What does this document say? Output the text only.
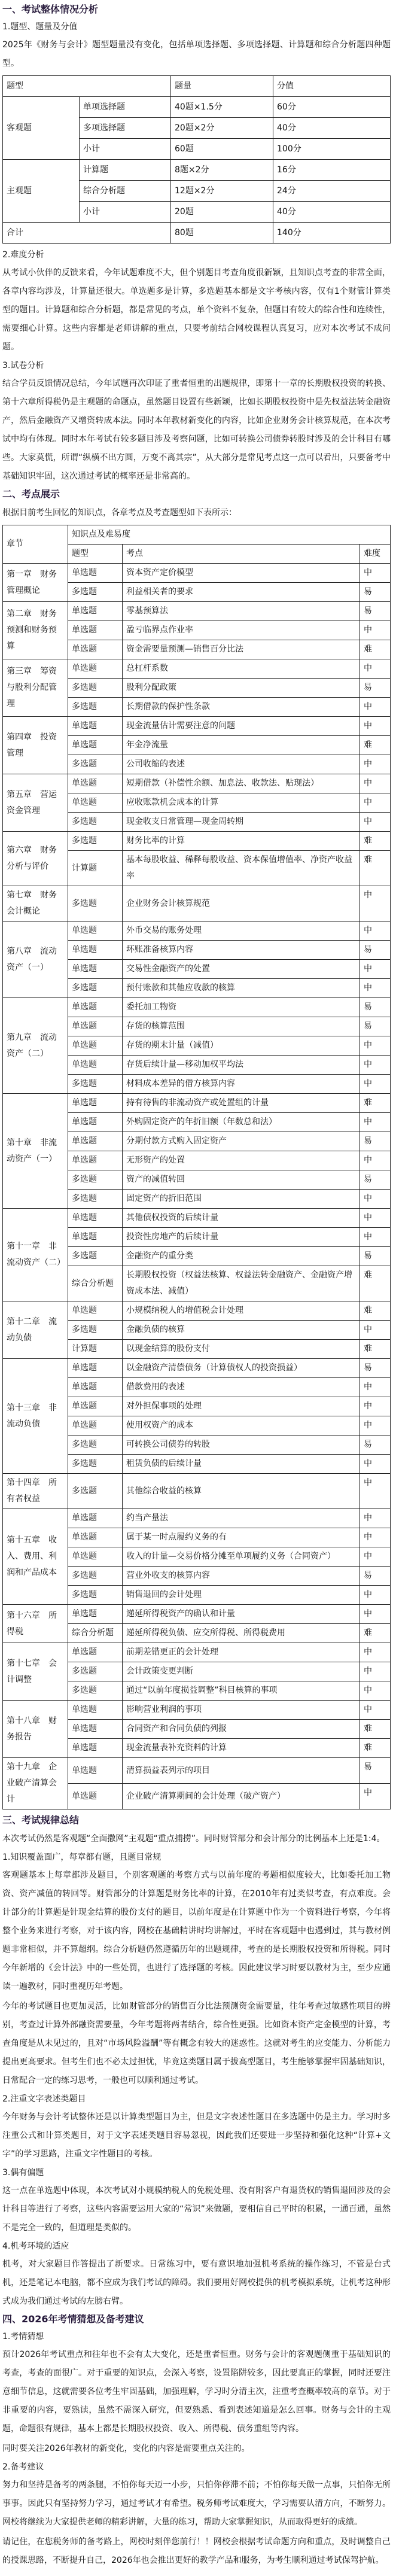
一、考试整体情况分析
1.题型、题量及分值

2025年《财务与会计》题型题量没有变化，包括单项选择题、多项选择题、计算题和综合分析题四种题型。

题型		题量	分值
客观题	单项选择题	40题×1.5分	60分
	多项选择题	20题×2分	40分
	小计	60题	100分
主观题	计算题	8题×2分	16分
	综合分析题	12题×2分	24分
	小计	20题	40分
合计		80题	140分
2.难度分析

从考试小伙伴的反馈来看，今年试题难度不大，但个别题目考查角度很新颖，且知识点考查的非常全面，各章内容均涉及，计算量还很大。单选题多是计算，多选题基本都是文字考核内容，仅有1个财管计算类型的题目。计算题和综合分析题，都是常见的考点，单个资料不复杂，但题目有较大的综合性和连续性，需要细心计算。这些内容都是老师讲解的重点，只要考前结合网校课程认真复习，应对本次考试不成问题。

3.试卷分析

结合学员反馈情况总结，今年试题再次印证了重者恒重的出题规律，即第十一章的长期股权投资的转换、第十六章所得税仍是主观题的命题点，虽然题目设置有些新颖，比如长期股权投资中是先权益法转金融资产，然后金融资产又增资转成本法。同时本年教材新变化的内容，比如企业财务会计核算规范，在本次考试中均有体现。同时本年考试有较多题目涉及考察问题，比如可转换公司债券转股时涉及的会计科目有哪些。大家莫慌，所谓“纵横不出方圆，万变不离其宗”，从大部分是常见考点这一点可以看出，只要备考中基础知识牢固，这次通过考试的概率还是非常高的。

二、考点展示

根据目前考生回忆的知识点，各章考点及考查题型如下表所示：

章节	知识点及难易度		
	题型	考点	难度
第一章　财务管理概论	单选题	资本资产定价模型	中
	多选题	利益相关者的要求	易
第二章　财务预测和财务预算	单选题	零基预算法	易
	单选题	盈亏临界点作业率	中
	单选题	资金需要量预测—销售百分比法	难
第三章　筹资与股利分配管理	单选题	总杠杆系数	中
	多选题	股利分配政策	易
	多选题	长期借款的保护性条款	中
第四章　投资管理	单选题	现金流量估计需要注意的问题	中
	单选题	年金净流量	难
	多选题	公司收缩的表述	中
第五章　营运资金管理	单选题	短期借款（补偿性余额、加息法、收款法、贴现法）	中
	单选题	应收账款机会成本的计算	中
	多选题	现金收支日常管理—现金周转期	中
第六章　财务分析与评价	多选题	财务比率的计算	难
	计算题	基本每股收益、稀释每股收益、资本保值增值率、净资产收益率	难
第七章　财务会计概论	多选题	企业财务会计核算规范	中
第八章　流动资产（一）	单选题	外币交易的账务处理	中
	单选题	坏账准备核算内容	易
	单选题	交易性金融资产的处置	中
	多选题	预付账款和其他应收款的核算	中
第九章　流动资产（二）	单选题	委托加工物资	易
	单选题	存货的核算范围	易
	单选题	存货的期末计量（减值）	中
	单选题	存货后续计量—移动加权平均法	中
	多选题	材料成本差异的借方核算内容	中
第十章　非流动资产（一）	单选题	持有待售的非流动资产或处置组的计量	难
	单选题	外购固定资产的年折旧额（年数总和法）	中
	单选题	分期付款方式购入固定资产	易
	单选题	无形资产的处置	中
	多选题	资产的减值转回	易
	多选题	固定资产的折旧范围	中
第十一章　非流动资产（二）	单选题	其他债权投资的后续计量	中
	单选题	投资性房地产的后续计量	中
	多选题	金融资产的重分类	易
	综合分析题	长期股权投资（权益法核算、权益法转金融资产、金融资产增资成本法、减值）	难
第十二章　流动负债	单选题	小规模纳税人的增值税会计处理	难
	多选题	金融负债的核算	中
	计算题	以现金结算的股份支付	难
第十三章　非流动负债	单选题	以金融资产清偿债务（计算债权人的投资损益）	易
	单选题	借款费用的表述	中
	单选题	对外担保事项的处理	中
	单选题	使用权资产的成本	中
	多选题	可转换公司债券的转股	易
	多选题	租赁负债的后续计量	中
第十四章　所有者权益	多选题	其他综合收益的核算	中
第十五章　收入、费用、利润和产品成本	单选题	约当产量法	中
	单选题	属于某一时点履约义务的有	中
	单选题	收入的计量—交易价格分摊至单项履约义务（合同资产）	中
	多选题	营业外收支的核算内容	易
	多选题	销售退回的会计处理	中
第十六章　所得税	单选题	递延所得税资产的确认和计量	中
	综合分析题	递延所得税负债、应交所得税、所得税费用	难
第十七章　会计调整	单选题	前期差错更正的会计处理	中
	多选题	会计政策变更判断	中
	多选题	通过“以前年度损益调整”科目核算的事项	中
第十八章　财务报告	单选题	影响营业利润的事项	中
	单选题	合同资产和合同负债的列报	难
	单选题	现金流量表补充资料的计算	难
第十九章　企业破产清算会计	单选题	清算损益表列示的项目	易
	单选题	企业破产清算期间的会计处理（破产资产）	中
三、考试规律总结

本次考试仍然是客观题“全面撒网”主观题“重点捕捞”。同时财管部分和会计部分的比例基本上还是1:4。

1.知识覆盖面广，每章都有题，且题目常规

客观题基本上每章都涉及题目，个别客观题的考察方式与以前年度的考题相似度较大，比如委托加工物资、资产减值的转回等。财管部分的计算题是财务比率的计算，在2010年有过类似考查，有点难度。会计部分的计算题是针现金结算的股份支付的题目，以前年度是在计算题中作为一个资料进行考察，今年将整个业务来进行考察，对于该内容，网校在基础精讲时均讲解过，平时在客观题中也遇到过，其与教材例题非常相似，并不算超纲。综合分析题仍然遵循历年的出题规律，考查的是长期股权投资和所得税。同时今年新增的《会计法》中的一些处罚，也进行了选择题的考核。因此建议学习时要以教材为主，至少应通读一遍教材，同时重视历年考题。

今年的考试题目也更加灵活，比如财管部分的销售百分比法预测资金需要量，往年考查过敏感性项目的辨别，考查过计算外部融资需要量，今年考题将两者结合，综合性更强。比如资本资产定金模型的计算，考查角度是从未见过的，且对“市场风险溢酬”等有概念有较大的迷惑性。这就对考生的应变能力、分析能力提出更高要求。但考生们也不必太过担忧，毕竟这类题目属于拔高型题目，考生能够掌握牢固基础知识，日常配合一定的练习思考，一般也可以顺利通过考试。

2.注重文字表述类题目

今年财务与会计考试整体还是以计算类型题目为主，但是文字表述性题目在多选题中仍是主力。学习时多注重公式和计算类题目，对于文字表述类题目容易忽视，因此我们还要进一步坚持和强化这种“计算+文字”的学习思路，注重文字性题目的考核。

3.偶有偏题

这一点在单选题中体现，本次考试对小规模纳税人的免税处理、没有附客户有退货权的销售退回涉及的会计科目等进行了考察，这些内容需要运用大家的“常识”来做题，要相信自己平时的积累，一通百通，虽然不是完全一致的，但道理是类似的。

4.机考环境的适应

机考，对大家题目作答提出了新要求。日常练习中，要有意识地加强机考系统的操作练习，不管是台式机，还是笔记本电脑，都不应成为我们考试的障碍。我们要用好网校提供的机考模拟系统，让机考这种形式成为我们通过考试的左膀右臂。

四、2026年考情猜想及备考建议
1.考情猜想

预计2026年考试重点和往年也不会有太大变化，还是重者恒重。财务与会计的客观题侧重于基础知识的考查，考查的面很广。对于重要的知识点，会深入考察，设置陷阱较多，因此要真正的掌握，同时还要注意细节信息，这就需要各位考生牢固基础，加强理解，学习时分清主次，注重考查概率较高的章节。对于非重要的内容，要熟读，虽然不需深入研究，但要熟悉、看到表述知道是怎么回事。财务与会计的主观题，命题很有规律，基本上都是长期股权投资、收入、所得税、债务重组等内容。

同时要关注2026年教材的新变化，变化的内容是需要重点关注的。

2.备考建议

努力和坚持是备考的两条腿，不怕你每天迈一小步，只怕你停滞不前；不怕你每天做一点事，只怕你无所事事。因此只有坚持努力学习，通过考试才有希望。税务师考试难度大，学习需要认清方向，不断努力。网校将继续为大家提供老师的精彩讲解，大量的练习，帮助大家掌握知识，从而取得更好的成绩。

请记住，在您税务师的备考路上，网校时刻伴您前行！！网校会根据考试命题方向和重点，及时调整自己的授课思路，不断提升自己，2026年也会推出更好的教学产品和服务，为考生顺利通过考试保驾护航。
